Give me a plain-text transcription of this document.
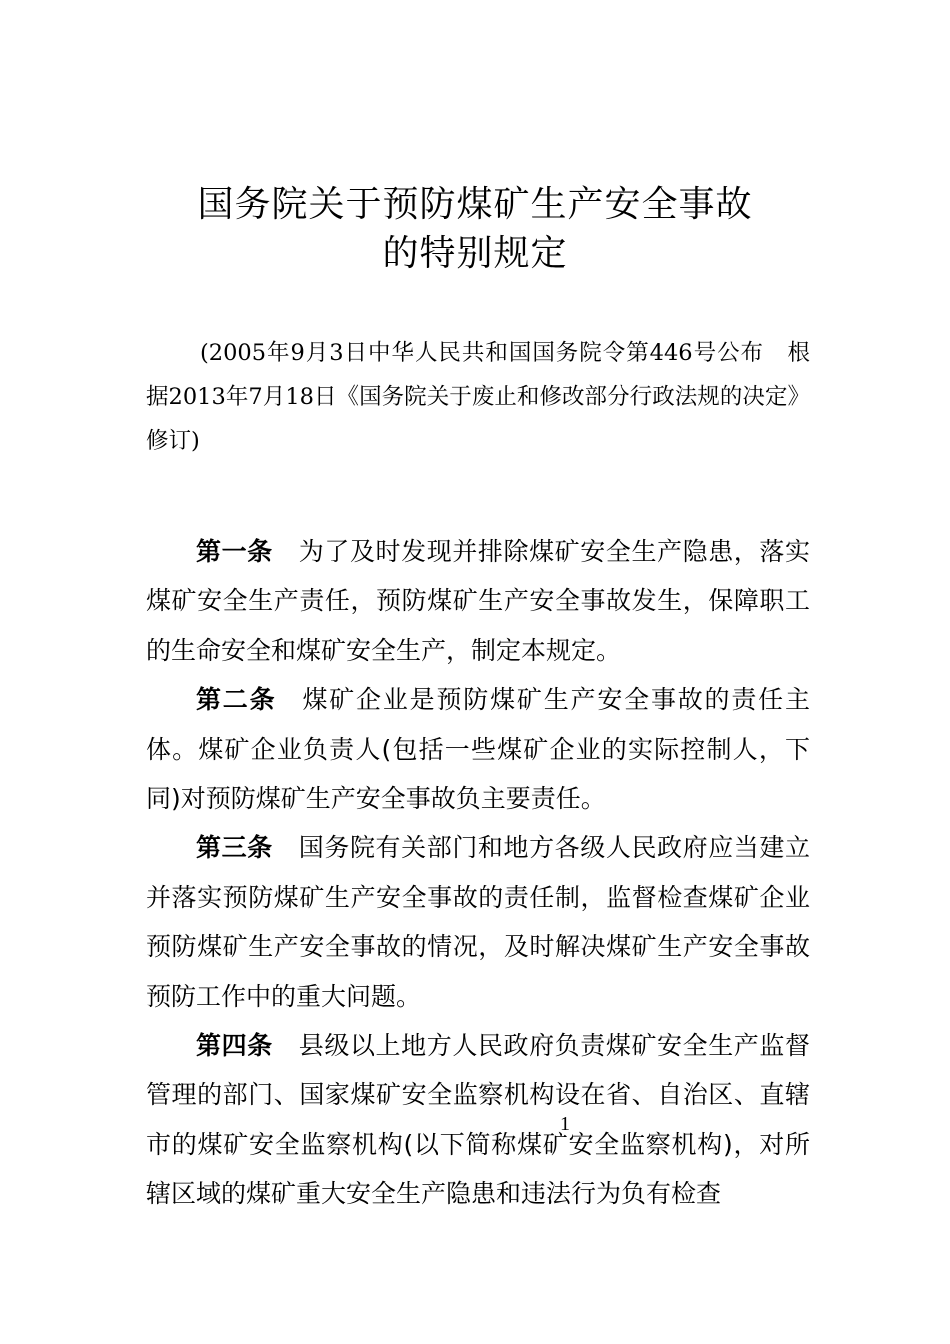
国务院关于预防煤矿生产安全事故
的特别规定
(2005年9月3日中华人民共和国国务院令第446号公布　根据2013年7月18日《国务院关于废止和修改部分行政法规的决定》修订)

第一条 为了及时发现并排除煤矿安全生产隐患，落实煤矿安全生产责任，预防煤矿生产安全事故发生，保障职工的生命安全和煤矿安全生产，制定本规定。

第二条 煤矿企业是预防煤矿生产安全事故的责任主体。煤矿企业负责人(包括一些煤矿企业的实际控制人，下同)对预防煤矿生产安全事故负主要责任。

第三条 国务院有关部门和地方各级人民政府应当建立并落实预防煤矿生产安全事故的责任制，监督检查煤矿企业预防煤矿生产安全事故的情况，及时解决煤矿生产安全事故预防工作中的重大问题。

第四条 县级以上地方人民政府负责煤矿安全生产监督管理的部门、国家煤矿安全监察机构设在省、自治区、直辖市的煤矿安全监察机构(以下简称煤矿安全监察机构)，对所辖区域的煤矿重大安全生产隐患和违法行为负有检查

1
